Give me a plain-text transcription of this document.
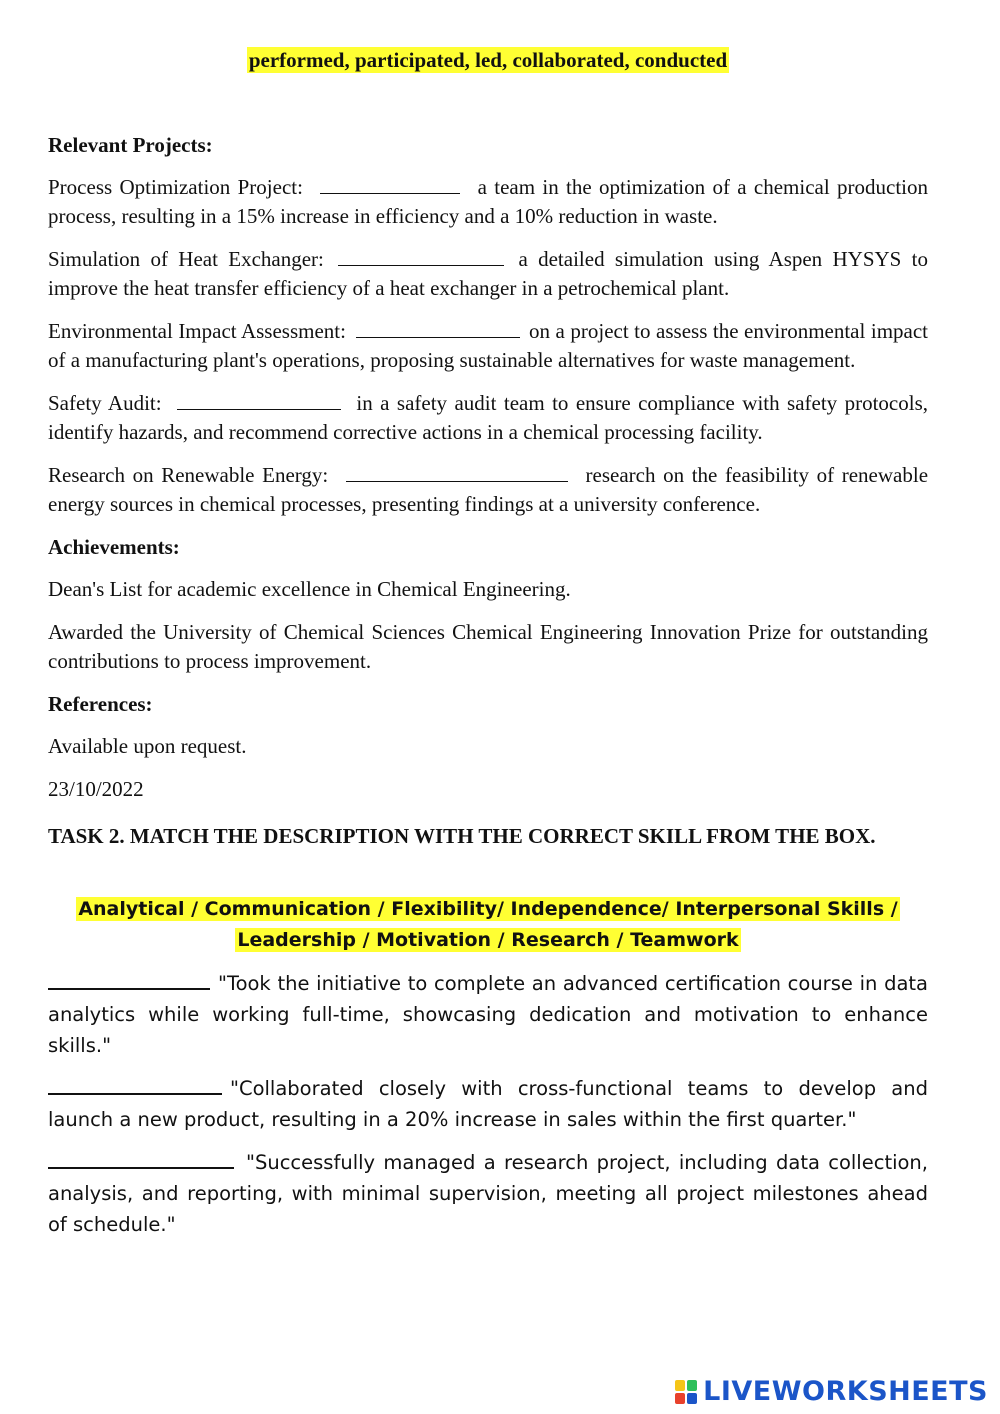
performed, participated, led, collaborated, conducted
Relevant Projects:

Process Optimization Project:	a team in the optimization of a chemical production process, resulting in a 15% increase in efficiency and a 10% reduction in waste.

Simulation of Heat Exchanger:	a detailed simulation using Aspen HYSYS to improve the heat transfer efficiency of a heat exchanger in a petrochemical plant.

Environmental Impact Assessment:	on a project to assess the environmental impact of a manufacturing plant's operations, proposing sustainable alternatives for waste management.

Safety Audit:	in a safety audit team to ensure compliance with safety protocols, identify hazards, and recommend corrective actions in a chemical processing facility.

Research on Renewable Energy:	research on the feasibility of renewable energy sources in chemical processes, presenting findings at a university conference.

Achievements:

Dean's List for academic excellence in Chemical Engineering.

Awarded the University of Chemical Sciences Chemical Engineering Innovation Prize for outstanding contributions to process improvement.

References:

Available upon request.

23/10/2022

TASK 2. MATCH THE DESCRIPTION WITH THE CORRECT SKILL FROM THE BOX.
Analytical / Communication / Flexibility/ Independence/ Interpersonal Skills /
Leadership / Motivation / Research / Teamwork

"Took the initiative to complete an advanced certification course in data analytics while working full-time, showcasing dedication and motivation to enhance skills."

"Collaborated closely with cross-functional teams to develop and launch a new product, resulting in a 20% increase in sales within the first quarter."

"Successfully managed a research project, including data collection, analysis, and reporting, with minimal supervision, meeting all project milestones ahead of schedule."

LIVEWORKSHEETS
